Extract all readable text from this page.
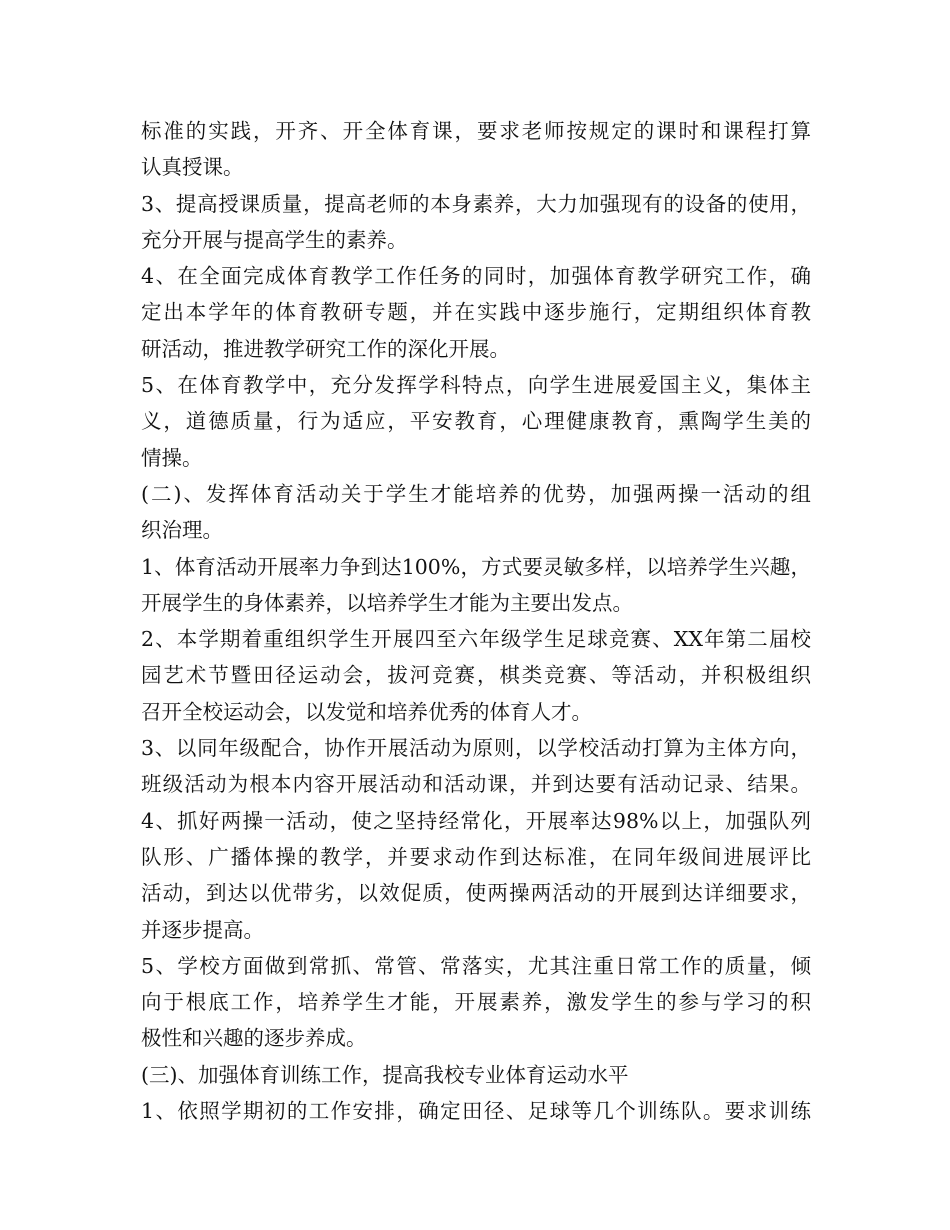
标准的实践，开齐、开全体育课，要求老师按规定的课时和课程打算
认真授课。
3、提高授课质量，提高老师的本身素养，大力加强现有的设备的使用，
充分开展与提高学生的素养。
4、在全面完成体育教学工作任务的同时，加强体育教学研究工作，确
定出本学年的体育教研专题，并在实践中逐步施行，定期组织体育教
研活动，推进教学研究工作的深化开展。
5、在体育教学中，充分发挥学科特点，向学生进展爱国主义，集体主
义，道德质量，行为适应，平安教育，心理健康教育，熏陶学生美的
情操。
(二)、发挥体育活动关于学生才能培养的优势，加强两操一活动的组
织治理。
1、体育活动开展率力争到达100%，方式要灵敏多样，以培养学生兴趣，
开展学生的身体素养，以培养学生才能为主要出发点。
2、本学期着重组织学生开展四至六年级学生足球竞赛、XX年第二届校
园艺术节暨田径运动会，拔河竞赛，棋类竞赛、等活动，并积极组织
召开全校运动会，以发觉和培养优秀的体育人才。
3、以同年级配合，协作开展活动为原则，以学校活动打算为主体方向，
班级活动为根本内容开展活动和活动课，并到达要有活动记录、结果。
4、抓好两操一活动，使之坚持经常化，开展率达98%以上，加强队列
队形、广播体操的教学，并要求动作到达标准，在同年级间进展评比
活动，到达以优带劣，以效促质，使两操两活动的开展到达详细要求，
并逐步提高。
5、学校方面做到常抓、常管、常落实，尤其注重日常工作的质量，倾
向于根底工作，培养学生才能，开展素养，激发学生的参与学习的积
极性和兴趣的逐步养成。
(三)、加强体育训练工作，提高我校专业体育运动水平
1、依照学期初的工作安排，确定田径、足球等几个训练队。要求训练
